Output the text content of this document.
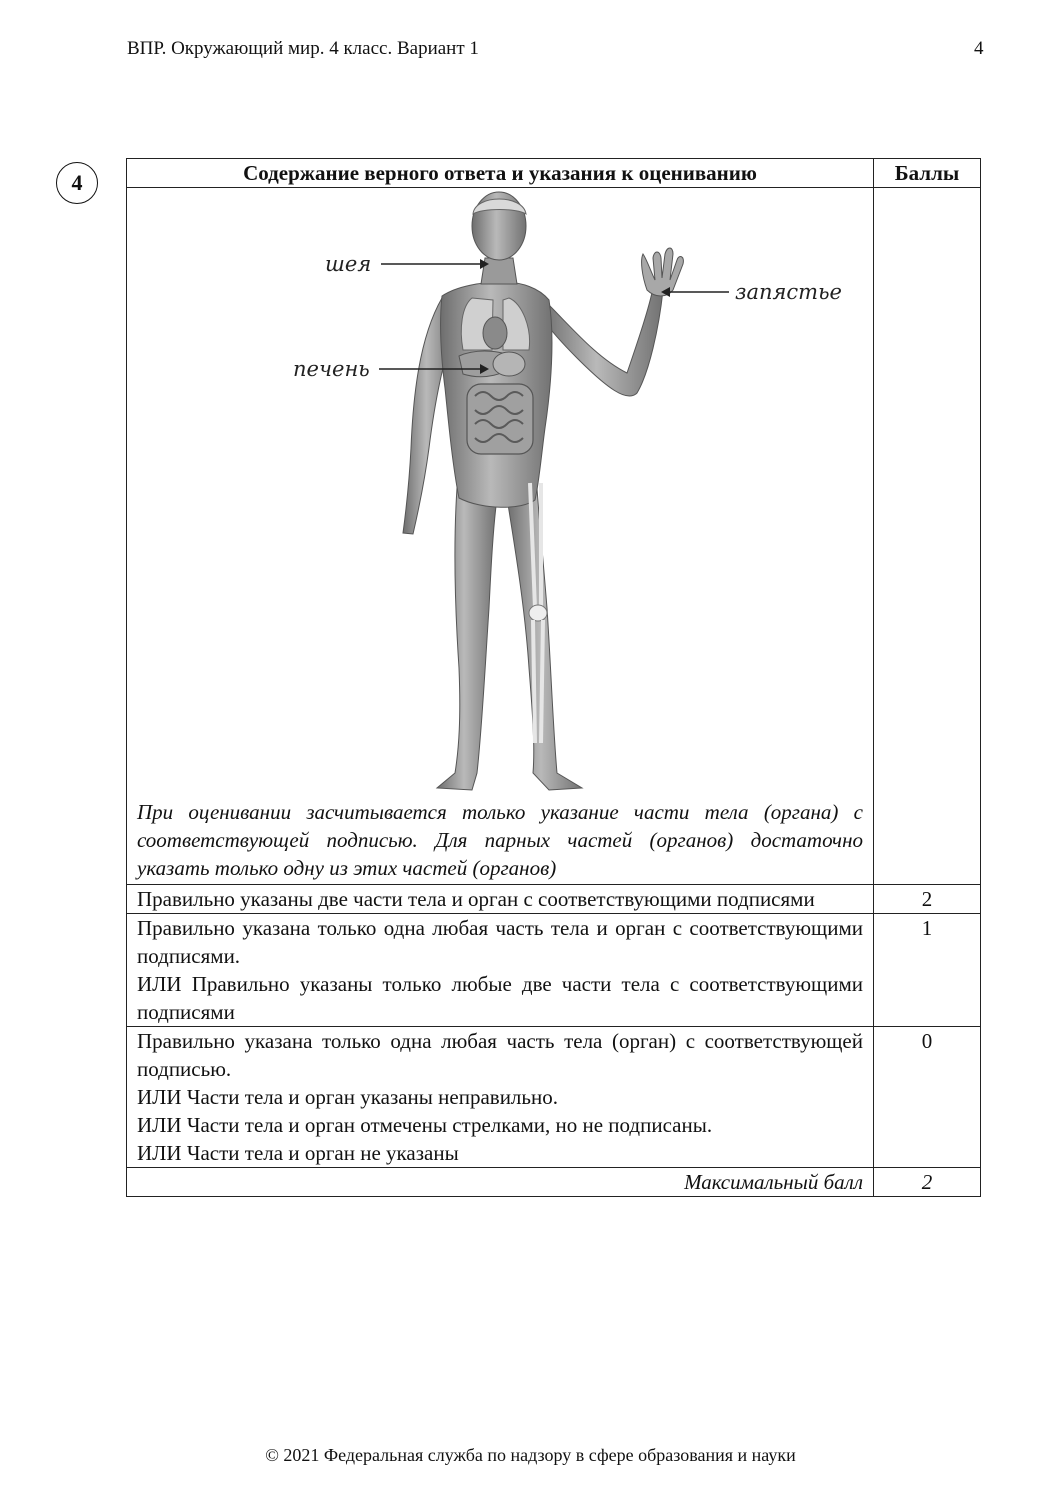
ВПР. Окружающий мир. 4 класс. Вариант 1	4
4	Содержание верного ответа и указания к оцениванию	Баллы

шея
запястье
печень
При оценивании засчитывается только указание части тела (органа) с соответствующей подписью. Для парных частей (органов) достаточно указать только одну из этих частей (органов)	

Правильно указаны две части тела и орган с соответствующими подписями	2

Правильно указана только одна любая часть тела и орган с соответствующими подписями.
ИЛИ Правильно указаны только любые две части тела с соответствующими подписями	1

Правильно указана только одна любая часть тела (орган) с соответствующей подписью.
ИЛИ Части тела и орган указаны неправильно.
ИЛИ Части тела и орган отмечены стрелками, но не подписаны.
ИЛИ Части тела и орган не указаны	0
Максимальный балл	2
© 2021 Федеральная служба по надзору в сфере образования и науки
